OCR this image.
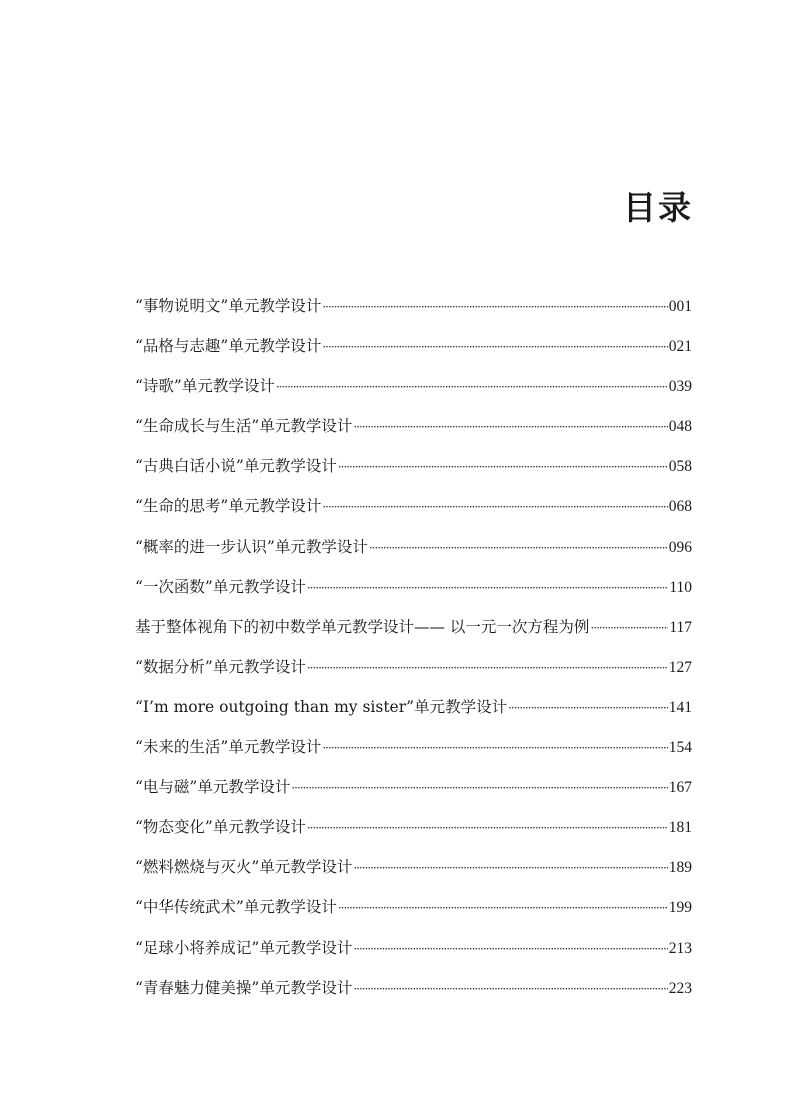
目录
“事物说明文”单元教学设计 ·····	001
“品格与志趣”单元教学设计 ·····	021
“诗歌”单元教学设计 ·····	039
“生命成长与生活”单元教学设计 ·····	048
“古典白话小说”单元教学设计 ·····	058
“生命的思考”单元教学设计 ·····	068
“概率的进一步认识”单元教学设计 ·····	096
“一次函数”单元教学设计 ·····	110
基于整体视角下的初中数学单元教学设计—— 以一元一次方程为例 ·····	117
“数据分析”单元教学设计 ·····	127
“I’m more outgoing than my sister”单元教学设计 ·····	141
“未来的生活”单元教学设计 ·····	154
“电与磁”单元教学设计 ·····	167
“物态变化”单元教学设计 ·····	181
“燃料燃烧与灭火”单元教学设计 ·····	189
“中华传统武术”单元教学设计 ·····	199
“足球小将养成记”单元教学设计 ·····	213
“青春魅力健美操”单元教学设计 ·····	223
